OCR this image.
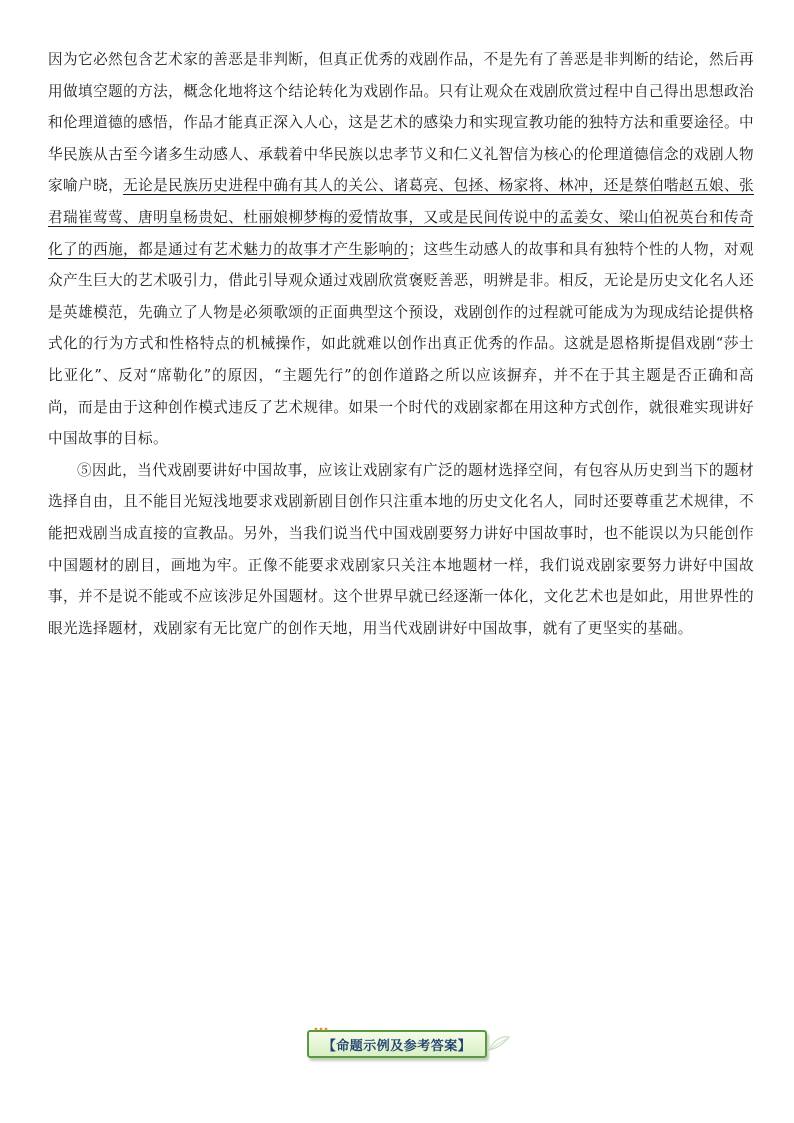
因为它必然包含艺术家的善恶是非判断，但真正优秀的戏剧作品，不是先有了善恶是非判断的结论，然后再用做填空题的方法，概念化地将这个结论转化为戏剧作品。只有让观众在戏剧欣赏过程中自己得出思想政治和伦理道德的感悟，作品才能真正深入人心，这是艺术的感染力和实现宣教功能的独特方法和重要途径。中华民族从古至今诸多生动感人、承载着中华民族以忠孝节义和仁义礼智信为核心的伦理道德信念的戏剧人物家喻户晓，无论是民族历史进程中确有其人的关公、诸葛亮、包拯、杨家将、林冲，还是蔡伯喈赵五娘、张君瑞崔莺莺、唐明皇杨贵妃、杜丽娘柳梦梅的爱情故事，又或是民间传说中的孟姜女、梁山伯祝英台和传奇化了的西施，都是通过有艺术魅力的故事才产生影响的；这些生动感人的故事和具有独特个性的人物，对观众产生巨大的艺术吸引力，借此引导观众通过戏剧欣赏褒贬善恶，明辨是非。相反，无论是历史文化名人还是英雄模范，先确立了人物是必须歌颂的正面典型这个预设，戏剧创作的过程就可能成为为现成结论提供格式化的行为方式和性格特点的机械操作，如此就难以创作出真正优秀的作品。这就是恩格斯提倡戏剧“莎士比亚化”、反对“席勒化”的原因，“主题先行”的创作道路之所以应该摒弃，并不在于其主题是否正确和高尚，而是由于这种创作模式违反了艺术规律。如果一个时代的戏剧家都在用这种方式创作，就很难实现讲好中国故事的目标。

⑤因此，当代戏剧要讲好中国故事，应该让戏剧家有广泛的题材选择空间，有包容从历史到当下的题材选择自由，且不能目光短浅地要求戏剧新剧目创作只注重本地的历史文化名人，同时还要尊重艺术规律，不能把戏剧当成直接的宣教品。另外，当我们说当代中国戏剧要努力讲好中国故事时，也不能误以为只能创作中国题材的剧目，画地为牢。正像不能要求戏剧家只关注本地题材一样，我们说戏剧家要努力讲好中国故事，并不是说不能或不应该涉足外国题材。这个世界早就已经逐渐一体化，文化艺术也是如此，用世界性的眼光选择题材，戏剧家有无比宽广的创作天地，用当代戏剧讲好中国故事，就有了更坚实的基础。

【命题示例及参考答案】
